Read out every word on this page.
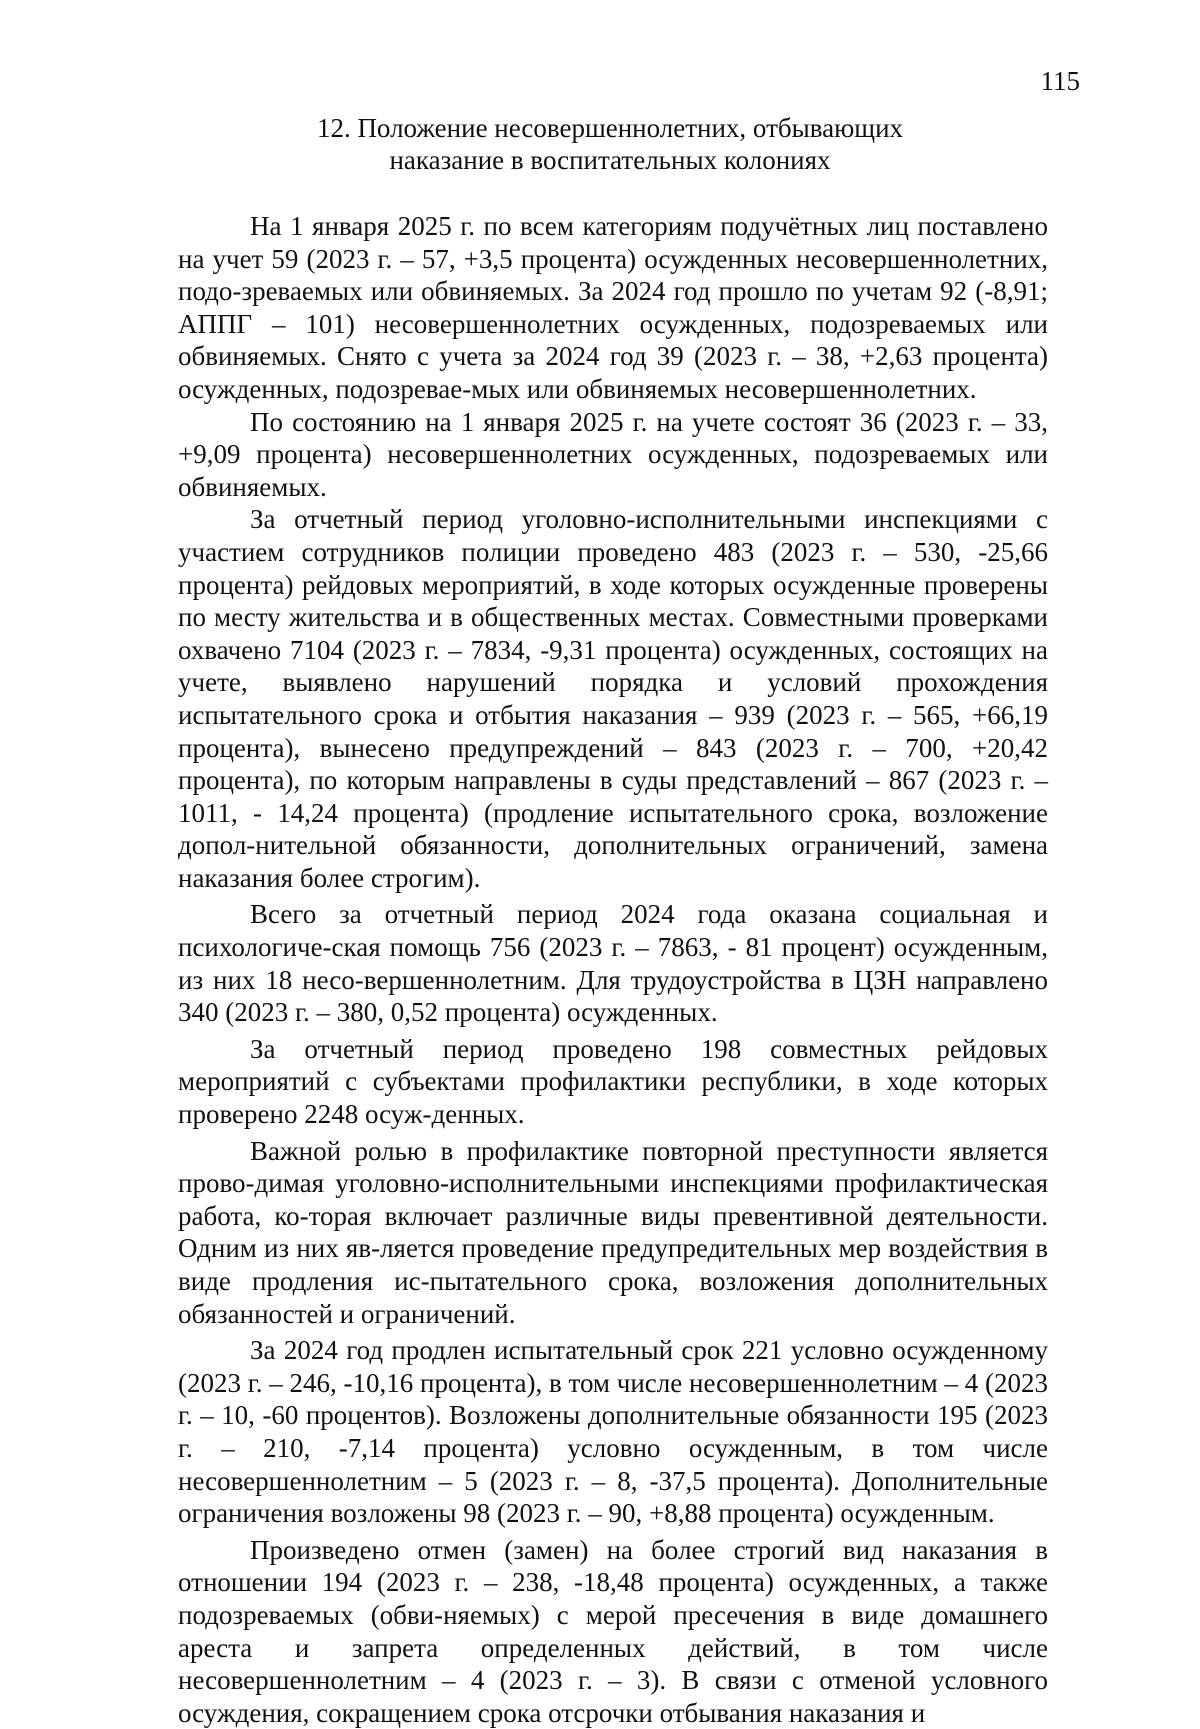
115
12. Положение несовершеннолетних, отбывающих
наказание в воспитательных колониях

На 1 января 2025 г. по всем категориям подучётных лиц поставлено на учет 59 (2023 г. – 57, +3,5 процента) осужденных несовершеннолетних, подо-зреваемых или обвиняемых. За 2024 год прошло по учетам 92 (-8,91; АППГ – 101) несовершеннолетних осужденных, подозреваемых или обвиняемых. Снято с учета за 2024 год 39 (2023 г. – 38, +2,63 процента) осужденных, подозревае-мых или обвиняемых несовершеннолетних.

По состоянию на 1 января 2025 г. на учете состоят 36 (2023 г. – 33, +9,09 процента) несовершеннолетних осужденных, подозреваемых или обвиняемых.

За отчетный период уголовно-исполнительными инспекциями с участием сотрудников полиции проведено 483 (2023 г. – 530, -25,66 процента) рейдовых мероприятий, в ходе которых осужденные проверены по месту жительства и в общественных местах. Совместными проверками охвачено 7104 (2023 г. – 7834, -9,31 процента) осужденных, состоящих на учете, выявлено нарушений порядка и условий прохождения испытательного срока и отбытия наказания – 939 (2023 г. – 565, +66,19 процента), вынесено предупреждений – 843 (2023 г. – 700, +20,42 процента), по которым направлены в суды представлений – 867 (2023 г. – 1011, - 14,24 процента) (продление испытательного срока, возложение допол-нительной обязанности, дополнительных ограничений, замена наказания более строгим).

Всего за отчетный период 2024 года оказана социальная и психологиче-ская помощь 756 (2023 г. – 7863, - 81 процент) осужденным, из них 18 несо-вершеннолетним. Для трудоустройства в ЦЗН направлено 340 (2023 г. – 380, 0,52 процента) осужденных.

За отчетный период проведено 198 совместных рейдовых мероприятий с субъектами профилактики республики, в ходе которых проверено 2248 осуж-денных.

Важной ролью в профилактике повторной преступности является прово-димая уголовно-исполнительными инспекциями профилактическая работа, ко-торая включает различные виды превентивной деятельности. Одним из них яв-ляется проведение предупредительных мер воздействия в виде продления ис-пытательного срока, возложения дополнительных обязанностей и ограничений.

За 2024 год продлен испытательный срок 221 условно осужденному (2023 г. – 246, -10,16 процента), в том числе несовершеннолетним – 4 (2023 г. – 10, -60 процентов). Возложены дополнительные обязанности 195 (2023 г. – 210, -7,14 процента) условно осужденным, в том числе несовершеннолетним – 5 (2023 г. – 8, -37,5 процента). Дополнительные ограничения возложены 98 (2023 г. – 90, +8,88 процента) осужденным.

Произведено отмен (замен) на более строгий вид наказания в отношении 194 (2023 г. – 238, -18,48 процента) осужденных, а также подозреваемых (обви-няемых) с мерой пресечения в виде домашнего ареста и запрета определенных действий, в том числе несовершеннолетним – 4 (2023 г. – 3). В связи с отменой условного осуждения, сокращением срока отсрочки отбывания наказания и
